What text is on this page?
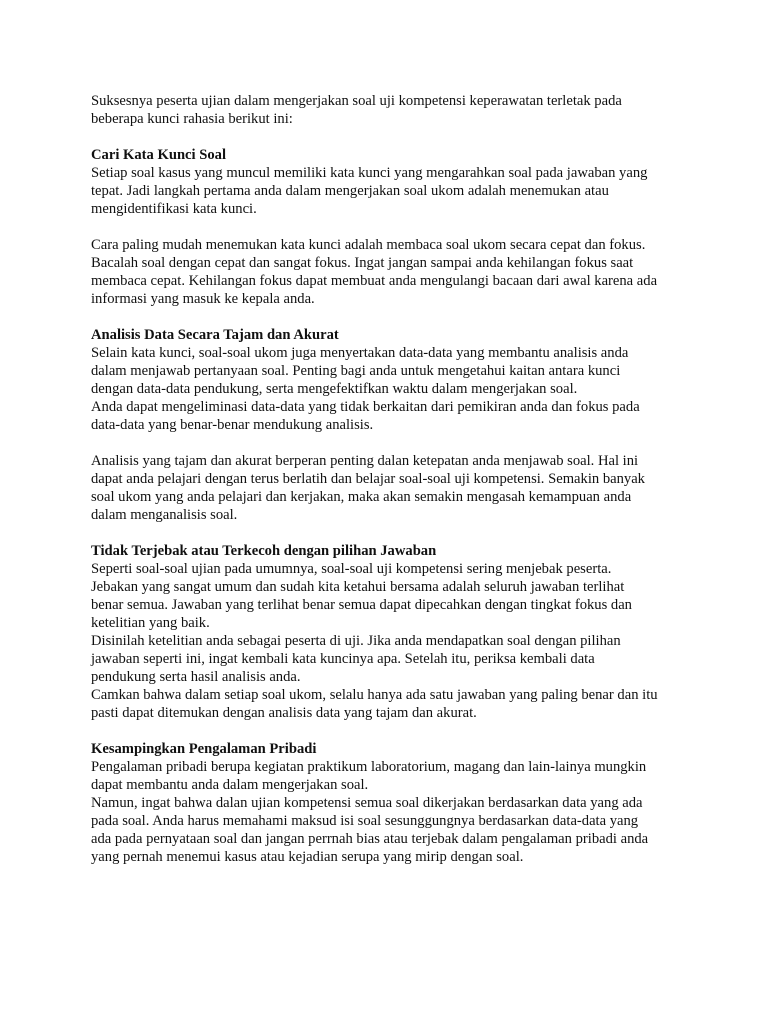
Suksesnya peserta ujian dalam mengerjakan soal uji kompetensi keperawatan terletak pada
beberapa kunci rahasia berikut ini:
Cari Kata Kunci Soal
Setiap soal kasus yang muncul memiliki kata kunci yang mengarahkan soal pada jawaban yang
tepat. Jadi langkah pertama anda dalam mengerjakan soal ukom adalah menemukan atau
mengidentifikasi kata kunci.
Cara paling mudah menemukan kata kunci adalah membaca soal ukom secara cepat dan fokus.
Bacalah soal dengan cepat dan sangat fokus. Ingat jangan sampai anda kehilangan fokus saat
membaca cepat. Kehilangan fokus dapat membuat anda mengulangi bacaan dari awal karena ada
informasi yang masuk ke kepala anda.
Analisis Data Secara Tajam dan Akurat
Selain kata kunci, soal-soal ukom juga menyertakan data-data yang membantu analisis anda
dalam menjawab pertanyaan soal. Penting bagi anda untuk mengetahui kaitan antara kunci
dengan data-data pendukung, serta mengefektifkan waktu dalam mengerjakan soal.
Anda dapat mengeliminasi data-data yang tidak berkaitan dari pemikiran anda dan fokus pada
data-data yang benar-benar mendukung analisis.
Analisis yang tajam dan akurat berperan penting dalan ketepatan anda menjawab soal. Hal ini
dapat anda pelajari dengan terus berlatih dan belajar soal-soal uji kompetensi. Semakin banyak
soal ukom yang anda pelajari dan kerjakan, maka akan semakin mengasah kemampuan anda
dalam menganalisis soal.
Tidak Terjebak atau Terkecoh dengan pilihan Jawaban
Seperti soal-soal ujian pada umumnya, soal-soal uji kompetensi sering menjebak peserta.
Jebakan yang sangat umum dan sudah kita ketahui bersama adalah seluruh jawaban terlihat
benar semua. Jawaban yang terlihat benar semua dapat dipecahkan dengan tingkat fokus dan
ketelitian yang baik.
Disinilah ketelitian anda sebagai peserta di uji. Jika anda mendapatkan soal dengan pilihan
jawaban seperti ini, ingat kembali kata kuncinya apa. Setelah itu, periksa kembali data
pendukung serta hasil analisis anda.
Camkan bahwa dalam setiap soal ukom, selalu hanya ada satu jawaban yang paling benar dan itu
pasti dapat ditemukan dengan analisis data yang tajam dan akurat.
Kesampingkan Pengalaman Pribadi
Pengalaman pribadi berupa kegiatan praktikum laboratorium, magang dan lain-lainya mungkin
dapat membantu anda dalam mengerjakan soal.
Namun, ingat bahwa dalan ujian kompetensi semua soal dikerjakan berdasarkan data yang ada
pada soal. Anda harus memahami maksud isi soal sesunggungnya berdasarkan data-data yang
ada pada pernyataan soal dan jangan perrnah bias atau terjebak dalam pengalaman pribadi anda
yang pernah menemui kasus atau kejadian serupa yang mirip dengan soal.
